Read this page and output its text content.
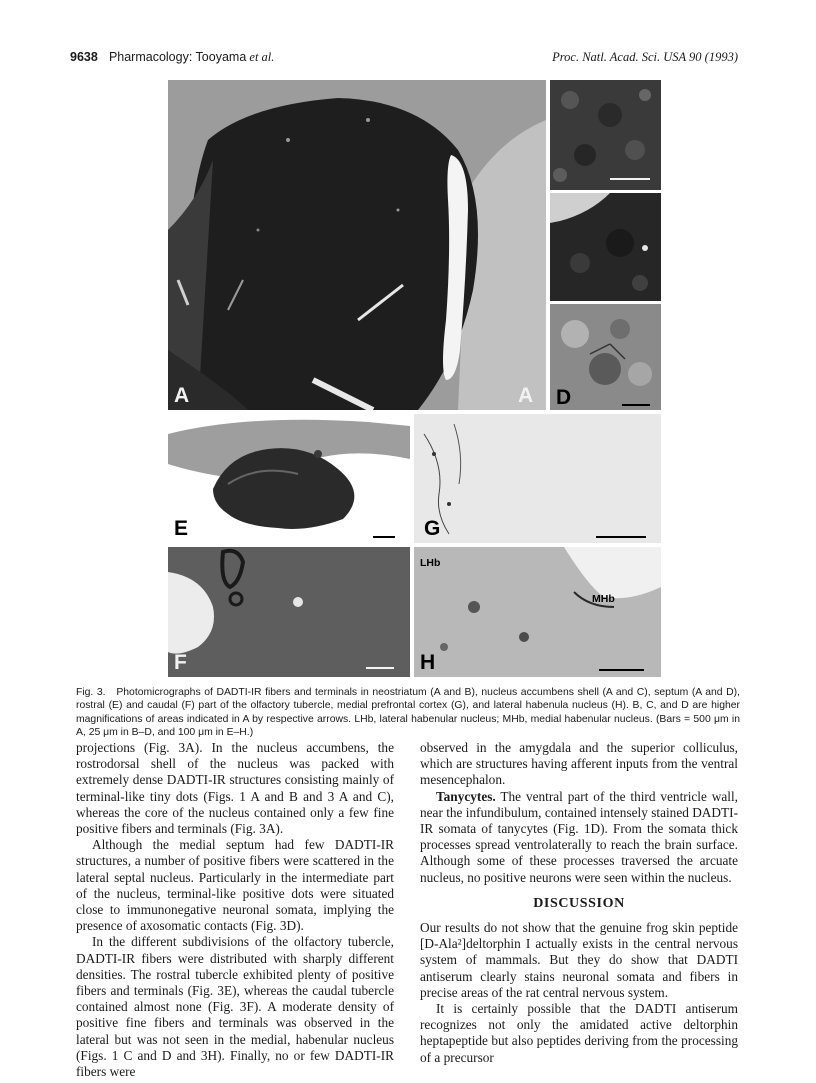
9638 Pharmacology: Tooyama et al.	Proc. Natl. Acad. Sci. USA 90 (1993)
A	A D
E	G
F
LHb
MHb
H

Fig. 3. Photomicrographs of DADTI-IR fibers and terminals in neostriatum (A and B), nucleus accumbens shell (A and C), septum (A and D), rostral (E) and caudal (F) part of the olfactory tubercle, medial prefrontal cortex (G), and lateral habenula nucleus (H). B, C, and D are higher magnifications of areas indicated in A by respective arrows. LHb, lateral habenular nucleus; MHb, medial habenular nucleus. (Bars = 500 μm in A, 25 μm in B–D, and 100 μm in E–H.)

projections (Fig. 3A). In the nucleus accumbens, the rostrodorsal shell of the nucleus was packed with extremely dense DADTI-IR structures consisting mainly of terminal-like tiny dots (Figs. 1 A and B and 3 A and C), whereas the core of the nucleus contained only a few fine positive fibers and terminals (Fig. 3A).

Although the medial septum had few DADTI-IR structures, a number of positive fibers were scattered in the lateral septal nucleus. Particularly in the intermediate part of the nucleus, terminal-like positive dots were situated close to immunonegative neuronal somata, implying the presence of axosomatic contacts (Fig. 3D).

In the different subdivisions of the olfactory tubercle, DADTI-IR fibers were distributed with sharply different densities. The rostral tubercle exhibited plenty of positive fibers and terminals (Fig. 3E), whereas the caudal tubercle contained almost none (Fig. 3F). A moderate density of positive fine fibers and terminals was observed in the lateral but was not seen in the medial, habenular nucleus (Figs. 1 C and D and 3H). Finally, no or few DADTI-IR fibers were

observed in the amygdala and the superior colliculus, which are structures having afferent inputs from the ventral mesencephalon.

Tanycytes. The ventral part of the third ventricle wall, near the infundibulum, contained intensely stained DADTI-IR somata of tanycytes (Fig. 1D). From the somata thick processes spread ventrolaterally to reach the brain surface. Although some of these processes traversed the arcuate nucleus, no positive neurons were seen within the nucleus.

DISCUSSION

Our results do not show that the genuine frog skin peptide [D-Ala²]deltorphin I actually exists in the central nervous system of mammals. But they do show that DADTI antiserum clearly stains neuronal somata and fibers in precise areas of the rat central nervous system.

It is certainly possible that the DADTI antiserum recognizes not only the amidated active deltorphin heptapeptide but also peptides deriving from the processing of a precursor
